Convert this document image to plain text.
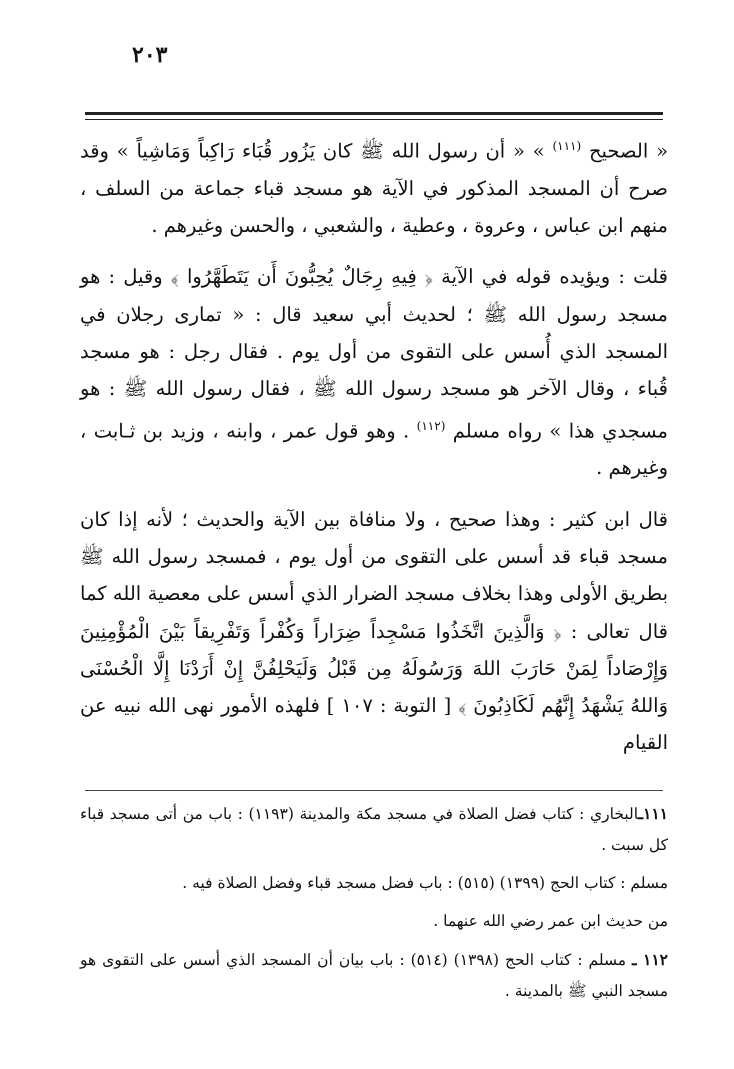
٢٠٣

« الصحيح $^{(١١١)}$ » « أن رسول الله ﷺ كان يَزُور قُبَاء رَاكِباً وَمَاشِياً » وقد صرح أن المسجد المذكور في الآية هو مسجد قباء جماعة من السلف ، منهم ابن عباس ، وعروة ، وعطية ، والشعبي ، والحسن وغيرهم .

قلت : ويؤيده قوله في الآية ﴿ فِيهِ رِجَالٌ يُحِبُّونَ أَن يَتَطَهَّرُوا ﴾ وقيل : هو مسجد رسول الله ﷺ ؛ لحديث أبي سعيد قال : « تمارى رجلان في المسجد الذي أُسس على التقوى من أول يوم . فقال رجل : هو مسجد قُباء ، وقال الآخر هو مسجد رسول الله ﷺ ، فقال رسول الله ﷺ : هو مسجدي هذا » رواه مسلم $^{(١١٢)}$ . وهو قول عمر ، وابنه ، وزيد بن ثـابت ، وغيرهم .

قال ابن كثير : وهذا صحيح ، ولا منافاة بين الآية والحديث ؛ لأنه إذا كان مسجد قباء قد أسس على التقوى من أول يوم ، فمسجد رسول الله ﷺ بطريق الأولى وهذا بخلاف مسجد الضرار الذي أسس على معصية الله كما قال تعالى : ﴿ وَالَّذِينَ اتَّخَذُوا مَسْجِداً ضِرَاراً وَكُفْراً وَتَفْرِيقاً بَيْنَ الْمُؤْمِنِينَ وَإِرْصَاداً لِمَنْ حَارَبَ اللهَ وَرَسُولَهُ مِن قَبْلُ وَلَيَحْلِفُنَّ إِنْ أَرَدْنَا إِلَّا الْحُسْنَى وَاللهُ يَشْهَدُ إِنَّهُم لَكَاذِبُونَ ﴾ [ التوبة : ١٠٧ ] فلهذه الأمور نهى الله نبيه عن القيام

١١١ـالبخاري : كتاب فضل الصلاة في مسجد مكة والمدينة (١١٩٣) : باب من أتى مسجد قباء كل سبت .

مسلم : كتاب الحج (١٣٩٩) (٥١٥) : باب فضل مسجد قباء وفضل الصلاة فيه .

من حديث ابن عمر رضي الله عنهما .

١١٢ ـ مسلم : كتاب الحج (١٣٩٨) (٥١٤) : باب بيان أن المسجد الذي أسس على التقوى هو مسجد النبي ﷺ بالمدينة .
